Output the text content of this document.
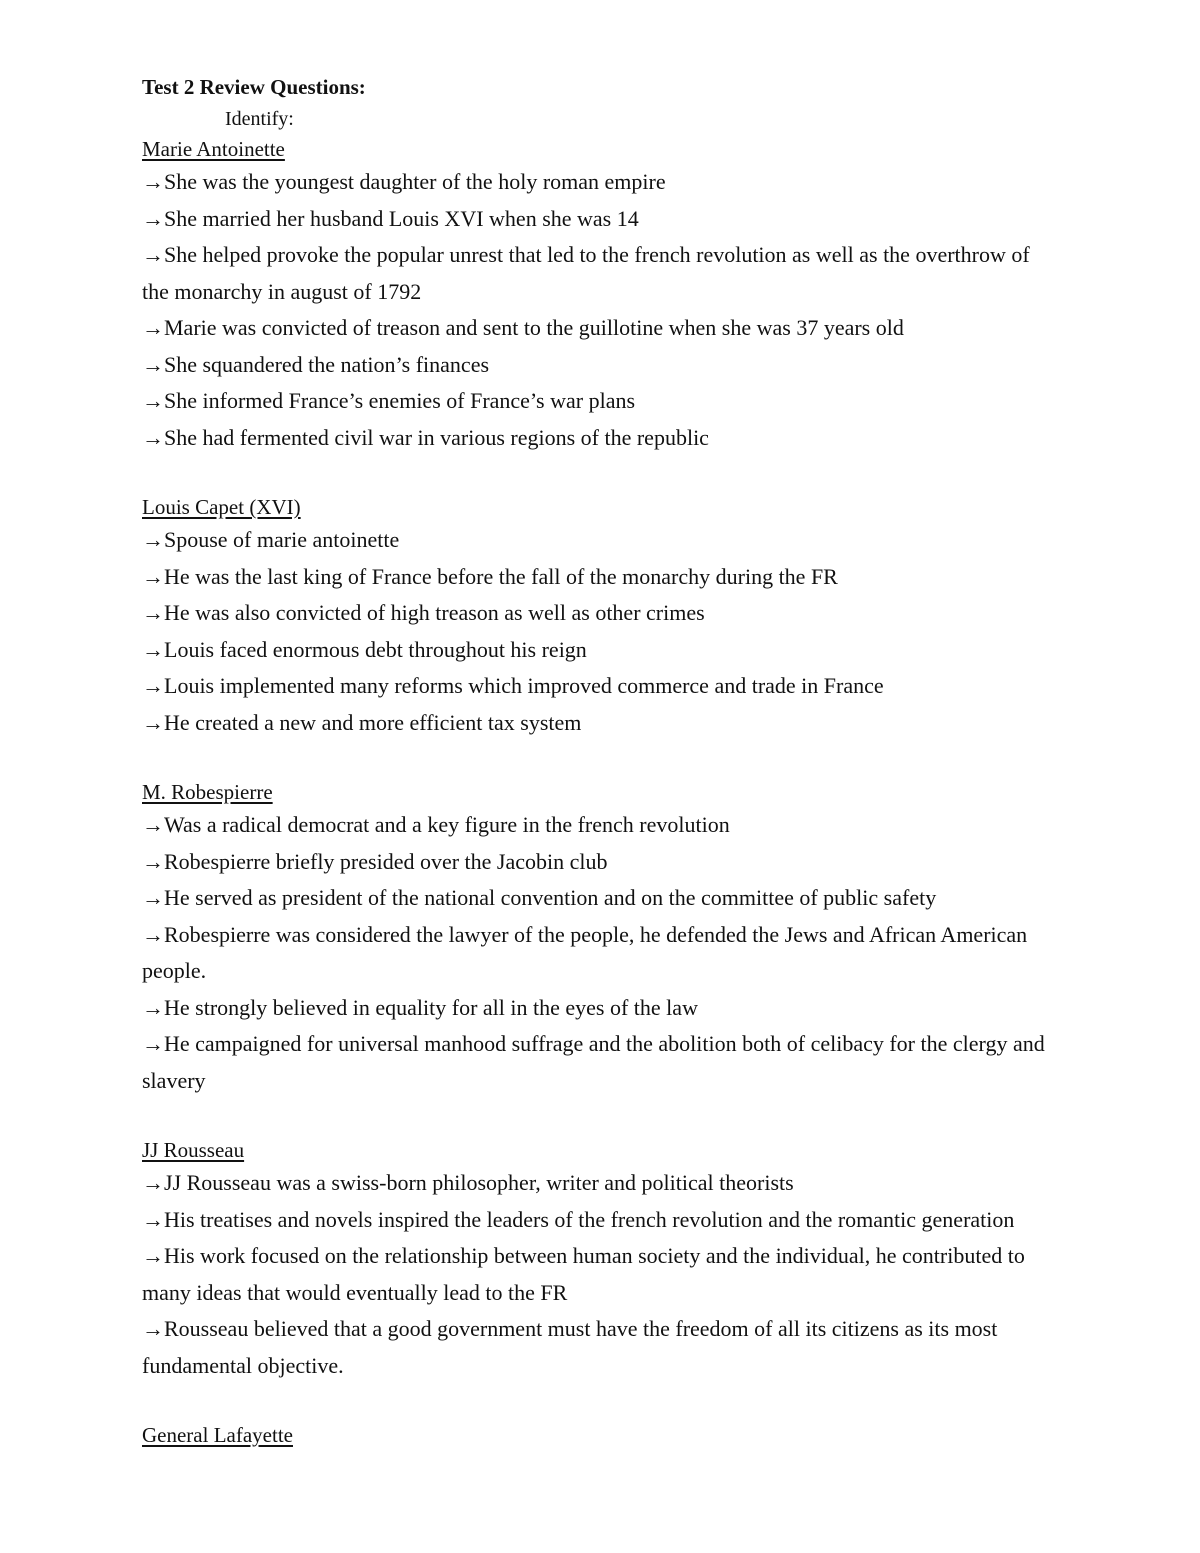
Test 2 Review Questions:

Identify:

Marie Antoinette

→She was the youngest daughter of the holy roman empire
→She married her husband Louis XVI when she was 14
→She helped provoke the popular unrest that led to the french revolution as well as the overthrow of the monarchy in august of 1792
→Marie was convicted of treason and sent to the guillotine when she was 37 years old
→She squandered the nation’s finances
→She informed France’s enemies of France’s war plans
→She had fermented civil war in various regions of the republic

Louis Capet (XVI)

→Spouse of marie antoinette
→He was the last king of France before the fall of the monarchy during the FR
→He was also convicted of high treason as well as other crimes
→Louis faced enormous debt throughout his reign
→Louis implemented many reforms which improved commerce and trade in France
→He created a new and more efficient tax system

M. Robespierre

→Was a radical democrat and a key figure in the french revolution
→Robespierre briefly presided over the Jacobin club
→He served as president of the national convention and on the committee of public safety
→Robespierre was considered the lawyer of the people, he defended the Jews and African American people.
→He strongly believed in equality for all in the eyes of the law
→He campaigned for universal manhood suffrage and the abolition both of celibacy for the clergy and slavery

JJ Rousseau

→JJ Rousseau was a swiss-born philosopher, writer and political theorists
→His treatises and novels inspired the leaders of the french revolution and the romantic generation
→His work focused on the relationship between human society and the individual, he contributed to many ideas that would eventually lead to the FR
→Rousseau believed that a good government must have the freedom of all its citizens as its most fundamental objective.

General Lafayette
